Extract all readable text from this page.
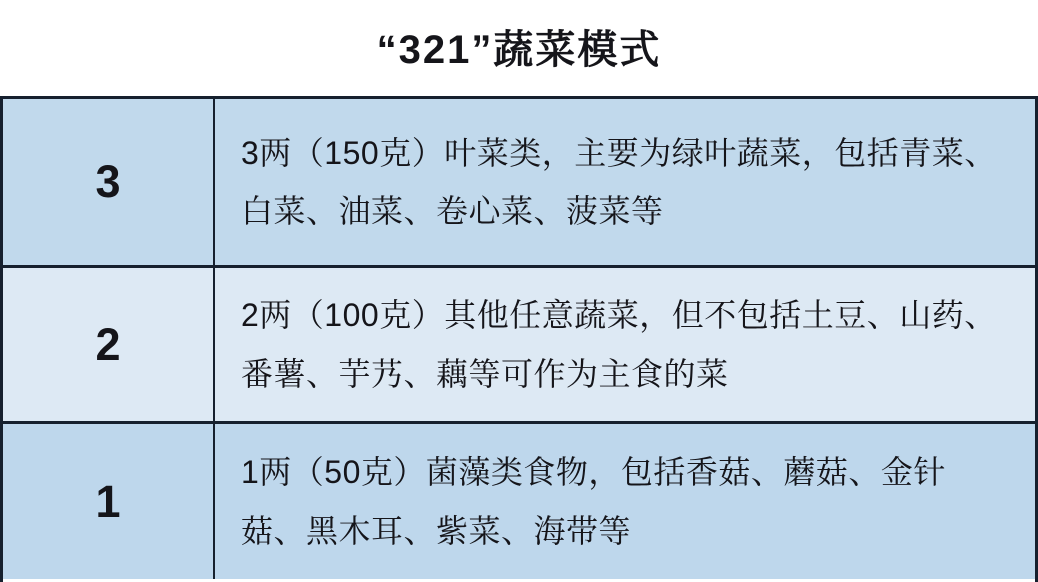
“321”蔬菜模式
3
3两（150克）叶菜类，主要为绿叶蔬菜，包括青菜、白菜、油菜、卷心菜、菠菜等
2
2两（100克）其他任意蔬菜，但不包括土豆、山药、番薯、芋艿、藕等可作为主食的菜
1
1两（50克）菌藻类食物，包括香菇、蘑菇、金针菇、黑木耳、紫菜、海带等
